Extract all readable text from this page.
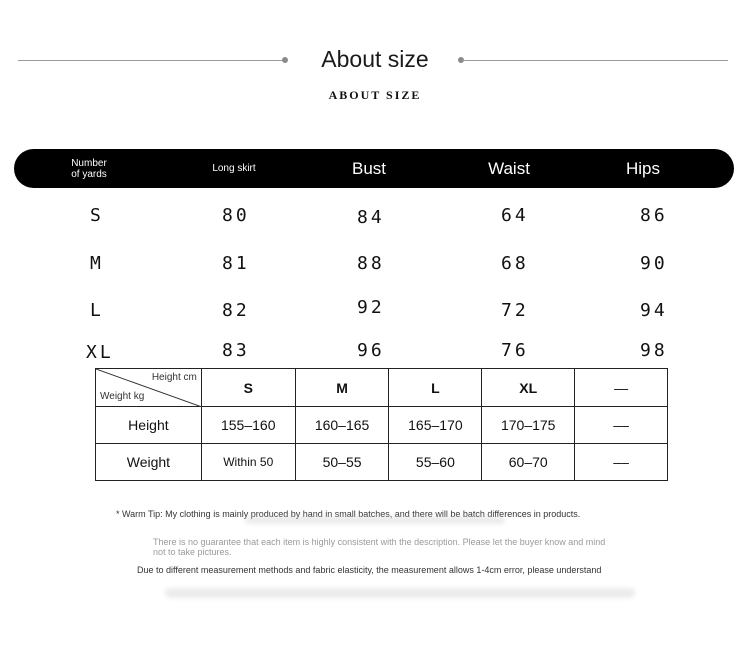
About size
ABOUT SIZE
Number of yards	Long skirt	Bust	Waist	Hips
S	80	84	64	86
M	81	88	68	90
L	82	92	72	94
XL	83	96	76	98
Height cm
Weight kg	S	M	L	XL	—
Height	155–160	160–165	165–170	170–175	––
Weight	Within 50	50–55	55–60	60–70	––
* Warm Tip: My clothing is mainly produced by hand in small batches, and there will be batch differences in products.
There is no guarantee that each item is highly consistent with the description. Please let the buyer know and mind not to take pictures.
Due to different measurement methods and fabric elasticity, the measurement allows 1-4cm error, please understand
